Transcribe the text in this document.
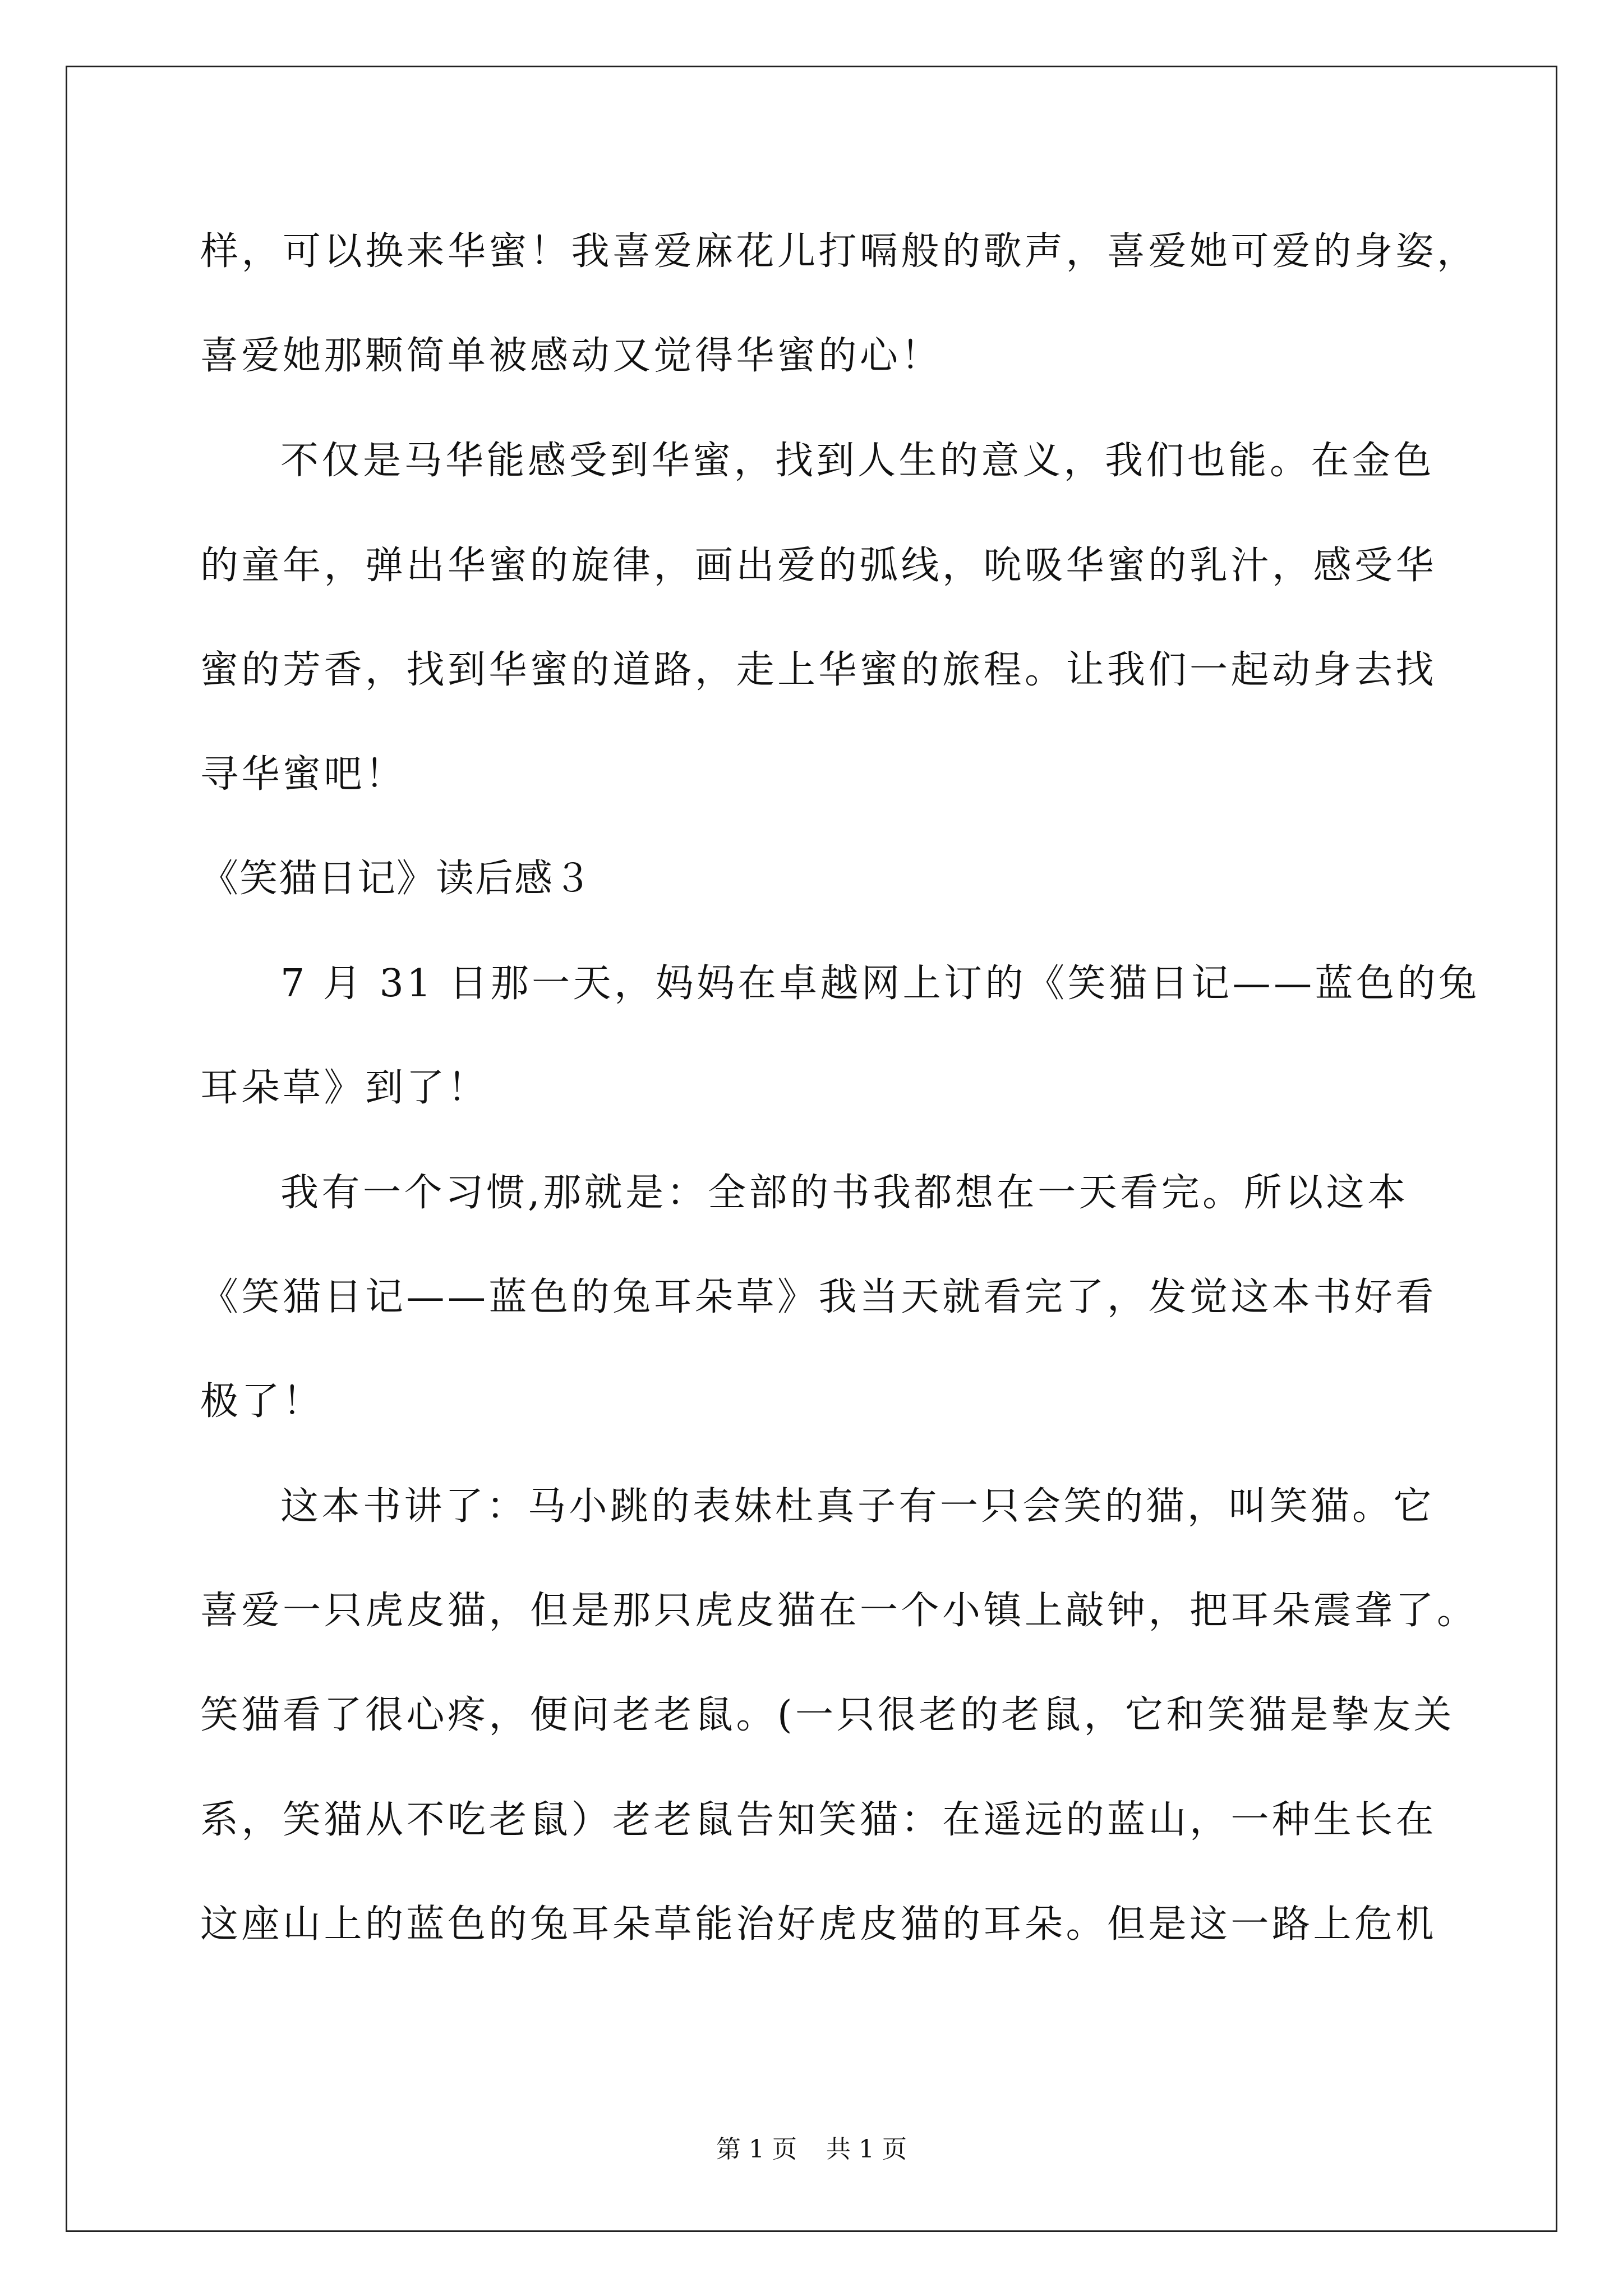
样，可以换来华蜜！我喜爱麻花儿打嗝般的歌声，喜爱她可爱的身姿，
喜爱她那颗简单被感动又觉得华蜜的心！
不仅是马华能感受到华蜜，找到人生的意义，我们也能。在金色
的童年，弹出华蜜的旋律，画出爱的弧线，吮吸华蜜的乳汁，感受华
蜜的芳香，找到华蜜的道路，走上华蜜的旅程。让我们一起动身去找
寻华蜜吧！
《笑猫日记》读后感３
7 月 31 日那一天，妈妈在卓越网上订的《笑猫日记——蓝色的兔
耳朵草》到了！
我有一个习惯,那就是：全部的书我都想在一天看完。所以这本
《笑猫日记——蓝色的兔耳朵草》我当天就看完了，发觉这本书好看
极了！
这本书讲了：马小跳的表妹杜真子有一只会笑的猫，叫笑猫。它
喜爱一只虎皮猫，但是那只虎皮猫在一个小镇上敲钟，把耳朵震聋了。
笑猫看了很心疼，便问老老鼠。(一只很老的老鼠，它和笑猫是挚友关
系，笑猫从不吃老鼠）老老鼠告知笑猫：在遥远的蓝山，一种生长在
这座山上的蓝色的兔耳朵草能治好虎皮猫的耳朵。但是这一路上危机
第 1 页 共 1 页
